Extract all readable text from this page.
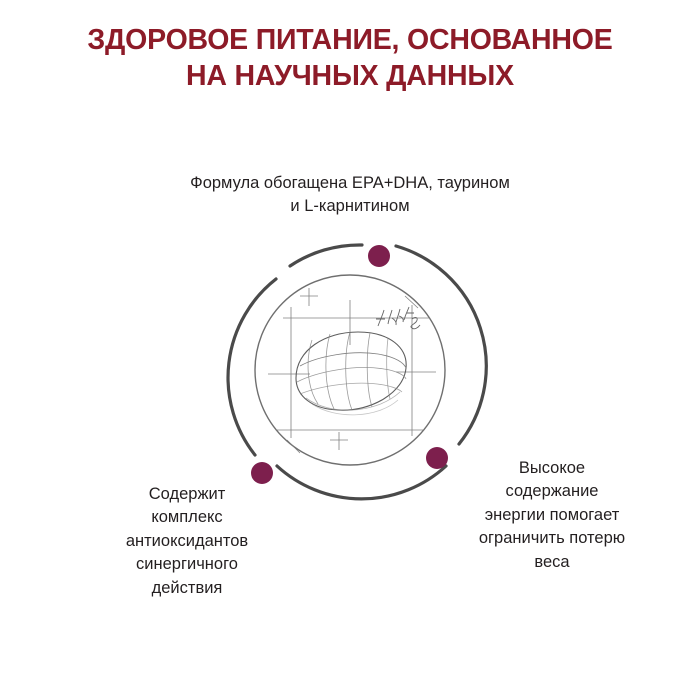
ЗДОРОВОЕ ПИТАНИЕ, ОСНОВАННОЕ
НА НАУЧНЫХ ДАННЫХ
Формула обогащена EPA+DHA, таурином
и L-карнитином
Высокое
содержание
энергии помогает
ограничить потерю
веса
Содержит
комплекс
антиоксидантов
синергичного
действия
